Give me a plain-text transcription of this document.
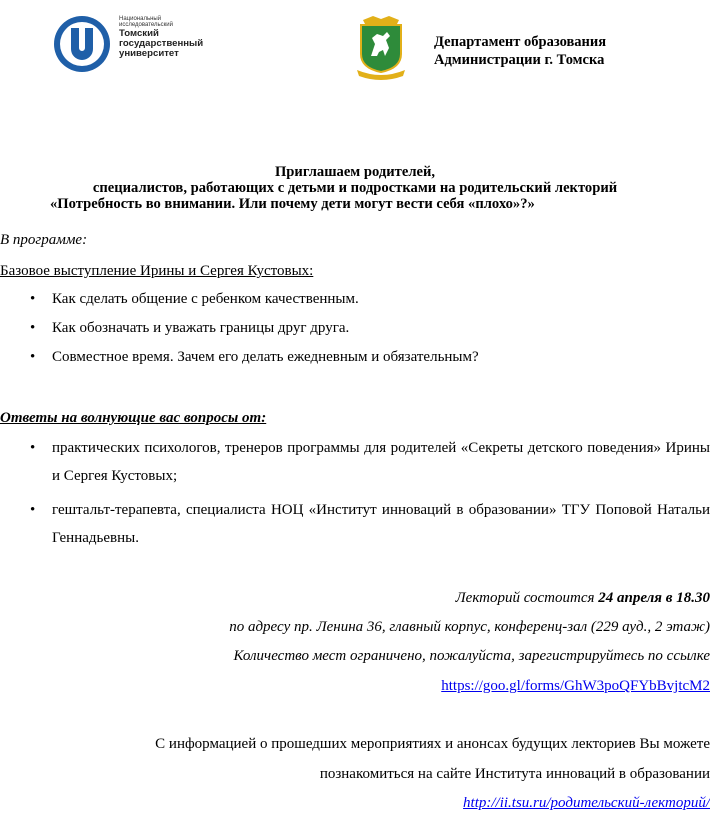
Национальный
исследовательский
Томский
государственный
университет
Департамент образования
Администрации г. Томска
Приглашаем родителей,
специалистов, работающих с детьми и подростками на родительский лекторий
«Потребность во внимании. Или почему дети могут вести себя «плохо»?»
В программе:
Базовое выступление Ирины и Сергея Кустовых:
• Как сделать общение с ребенком качественным.
• Как обозначать и уважать границы друг друга.
• Совместное время. Зачем его делать ежедневным и обязательным?
Ответы на волнующие вас вопросы от:
• практических психологов, тренеров программы для родителей «Секреты детского поведения» Ирины и Сергея Кустовых;
• гештальт-терапевта, специалиста НОЦ «Институт инноваций в образовании» ТГУ Поповой Натальи Геннадьевны.
Лекторий состоится 24 апреля в 18.30
по адресу пр. Ленина 36, главный корпус, конференц-зал (229 ауд., 2 этаж)
Количество мест ограничено, пожалуйста, зарегистрируйтесь по ссылке
https://goo.gl/forms/GhW3poQFYbBvjtcM2
С информацией о прошедших мероприятиях и анонсах будущих лекториев Вы можете
познакомиться на сайте Института инноваций в образовании
http://ii.tsu.ru/родительский-лекторий/
